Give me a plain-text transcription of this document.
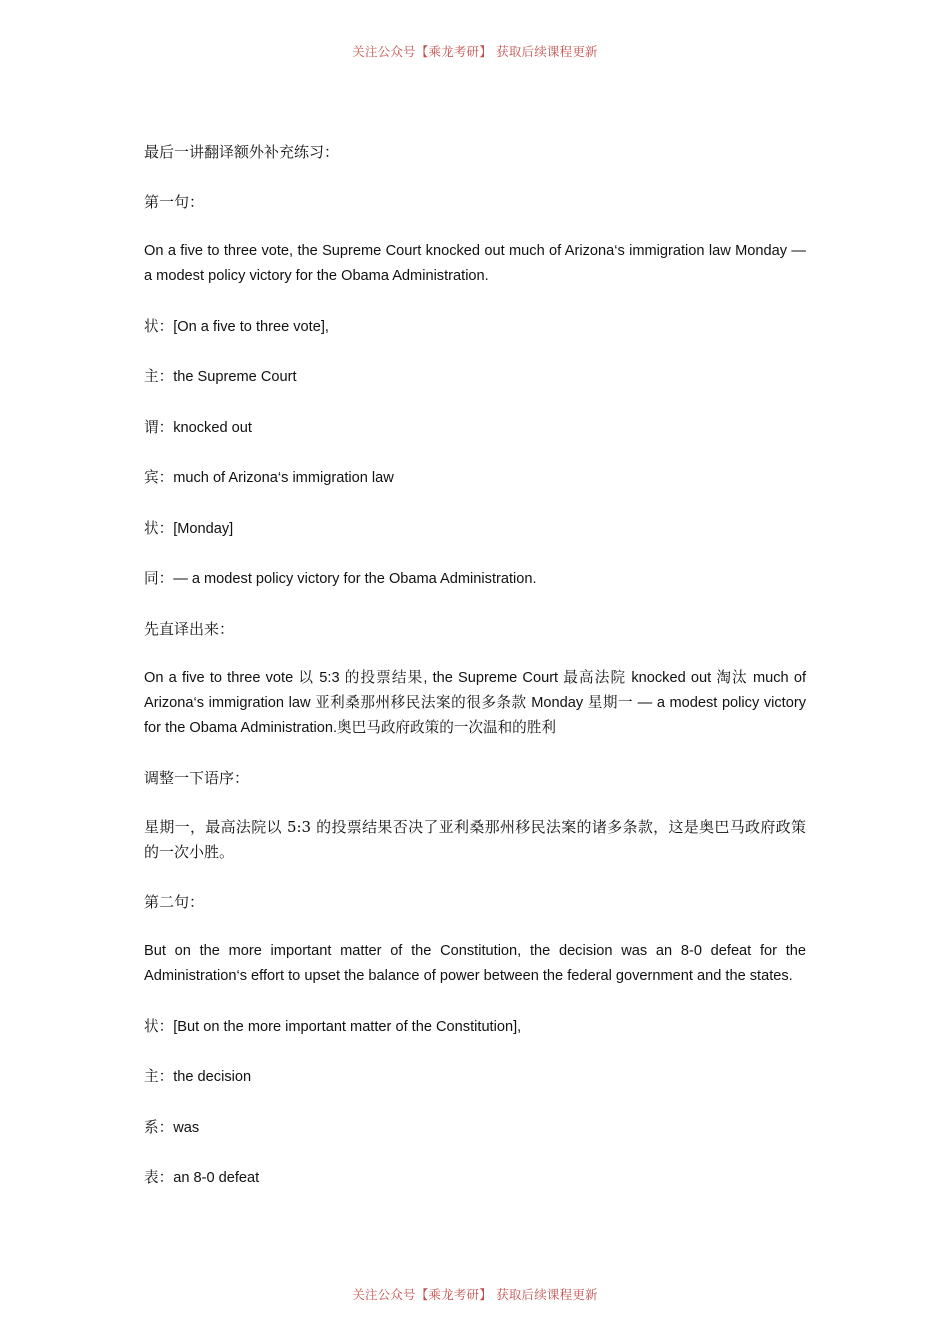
关注公众号【乘龙考研】 获取后续课程更新

最后一讲翻译额外补充练习：

第一句：

On a five to three vote, the Supreme Court knocked out much of Arizona‘s immigration law Monday — a modest policy victory for the Obama Administration.

状：[On a five to three vote],

主：the Supreme Court

谓：knocked out

宾：much of Arizona‘s immigration law

状：[Monday]

同：— a modest policy victory for the Obama Administration.

先直译出来：

On a five to three vote 以 5:3 的投票结果, the Supreme Court 最高法院 knocked out 淘汰 much of Arizona‘s immigration law 亚利桑那州移民法案的很多条款 Monday 星期一 — a modest policy victory for the Obama Administration.奥巴马政府政策的一次温和的胜利

调整一下语序：

星期一，最高法院以 5:3 的投票结果否决了亚利桑那州移民法案的诸多条款，这是奥巴马政府政策的一次小胜。

第二句：

But on the more important matter of the Constitution, the decision was an 8-0 defeat for the Administration‘s effort to upset the balance of power between the federal government and the states.

状：[But on the more important matter of the Constitution],

主：the decision

系：was

表：an 8-0 defeat

关注公众号【乘龙考研】 获取后续课程更新
